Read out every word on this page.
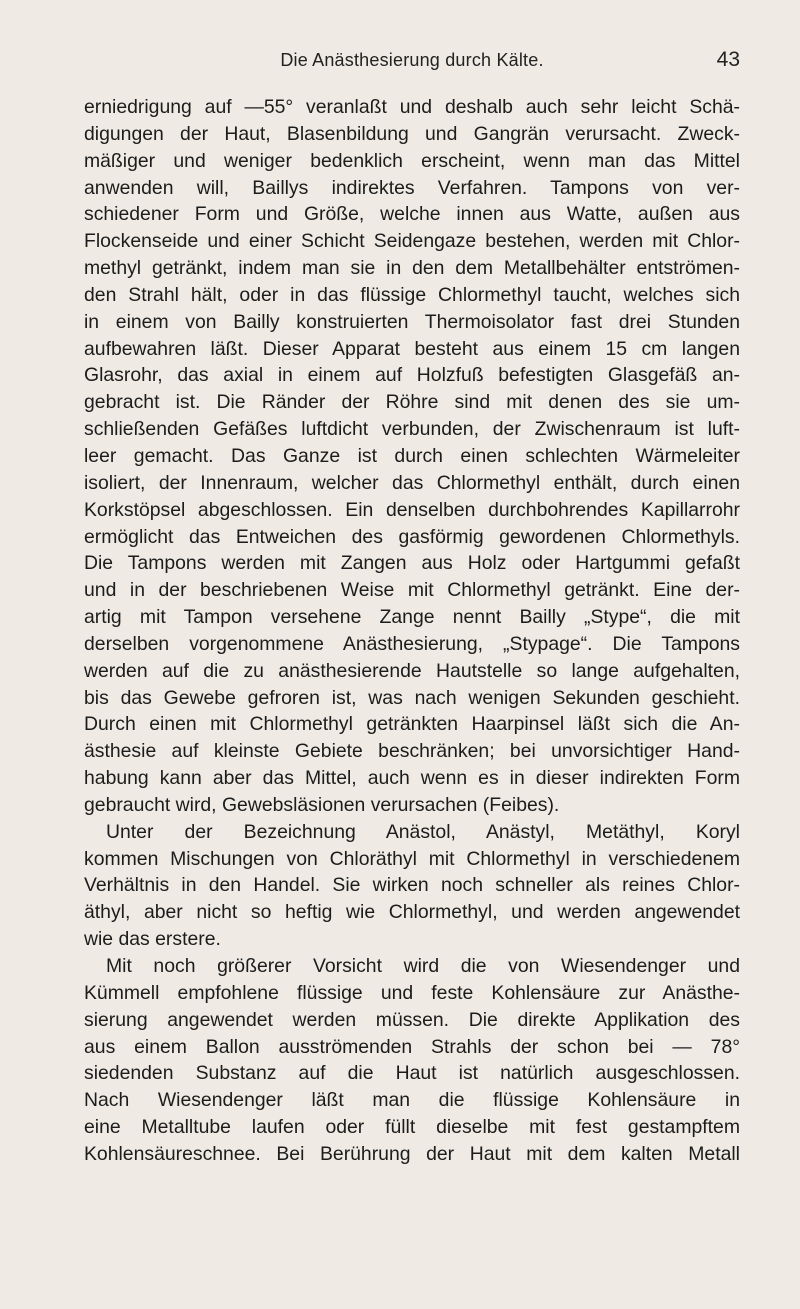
Die Anästhesierung durch Kälte.	43
erniedrigung auf —55° veranlaßt und deshalb auch sehr leicht Schä-
digungen der Haut, Blasenbildung und Gangrän verursacht. Zweck-
mäßiger und weniger bedenklich erscheint, wenn man das Mittel
anwenden will, Baillys indirektes Verfahren. Tampons von ver-
schiedener Form und Größe, welche innen aus Watte, außen aus
Flockenseide und einer Schicht Seidengaze bestehen, werden mit Chlor-
methyl getränkt, indem man sie in den dem Metallbehälter entströmen-
den Strahl hält, oder in das flüssige Chlormethyl taucht, welches sich
in einem von Bailly konstruierten Thermoisolator fast drei Stunden
aufbewahren läßt. Dieser Apparat besteht aus einem 15 cm langen
Glasrohr, das axial in einem auf Holzfuß befestigten Glasgefäß an-
gebracht ist. Die Ränder der Röhre sind mit denen des sie um-
schließenden Gefäßes luftdicht verbunden, der Zwischenraum ist luft-
leer gemacht. Das Ganze ist durch einen schlechten Wärmeleiter
isoliert, der Innenraum, welcher das Chlormethyl enthält, durch einen
Korkstöpsel abgeschlossen. Ein denselben durchbohrendes Kapillarrohr
ermöglicht das Entweichen des gasförmig gewordenen Chlormethyls.
Die Tampons werden mit Zangen aus Holz oder Hartgummi gefaßt
und in der beschriebenen Weise mit Chlormethyl getränkt. Eine der-
artig mit Tampon versehene Zange nennt Bailly „Stype“, die mit
derselben vorgenommene Anästhesierung, „Stypage“. Die Tampons
werden auf die zu anästhesierende Hautstelle so lange aufgehalten,
bis das Gewebe gefroren ist, was nach wenigen Sekunden geschieht.
Durch einen mit Chlormethyl getränkten Haarpinsel läßt sich die An-
ästhesie auf kleinste Gebiete beschränken; bei unvorsichtiger Hand-
habung kann aber das Mittel, auch wenn es in dieser indirekten Form
gebraucht wird, Gewebsläsionen verursachen (Feibes).
Unter der Bezeichnung Anästol, Anästyl, Metäthyl, Koryl
kommen Mischungen von Chloräthyl mit Chlormethyl in verschiedenem
Verhältnis in den Handel. Sie wirken noch schneller als reines Chlor-
äthyl, aber nicht so heftig wie Chlormethyl, und werden angewendet
wie das erstere.
Mit noch größerer Vorsicht wird die von Wiesendenger und
Kümmell empfohlene flüssige und feste Kohlensäure zur Anästhe-
sierung angewendet werden müssen. Die direkte Applikation des
aus einem Ballon ausströmenden Strahls der schon bei — 78°
siedenden Substanz auf die Haut ist natürlich ausgeschlossen.
Nach Wiesendenger läßt man die flüssige Kohlensäure in
eine Metalltube laufen oder füllt dieselbe mit fest gestampftem
Kohlensäureschnee. Bei Berührung der Haut mit dem kalten Metall
